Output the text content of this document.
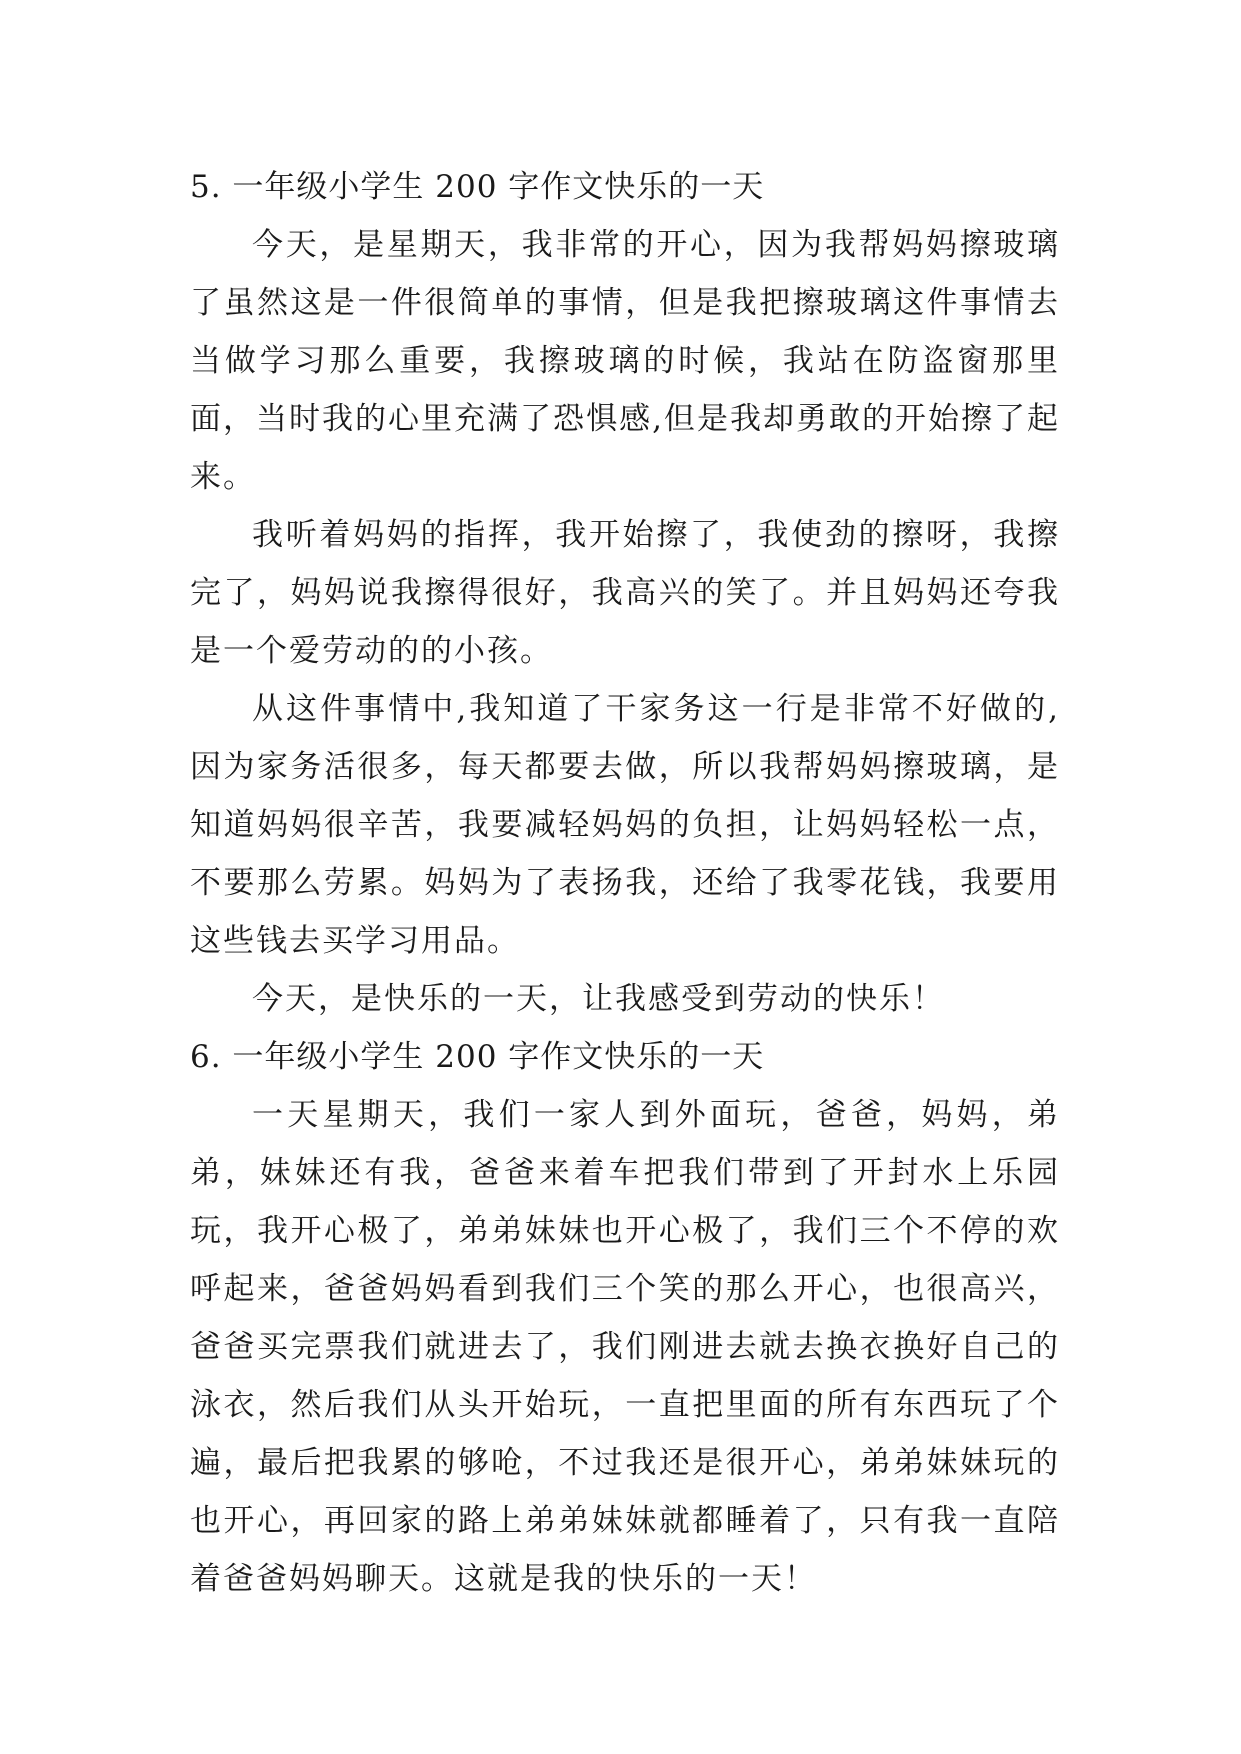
5. 一年级小学生 200 字作文快乐的一天

今天，是星期天，我非常的开心，因为我帮妈妈擦玻璃了虽然这是一件很简单的事情，但是我把擦玻璃这件事情去当做学习那么重要，我擦玻璃的时候，我站在防盗窗那里面，当时我的心里充满了恐惧感,但是我却勇敢的开始擦了起来。

我听着妈妈的指挥，我开始擦了，我使劲的擦呀，我擦完了，妈妈说我擦得很好，我高兴的笑了。并且妈妈还夸我是一个爱劳动的的小孩。

从这件事情中,我知道了干家务这一行是非常不好做的,因为家务活很多，每天都要去做，所以我帮妈妈擦玻璃，是知道妈妈很辛苦，我要减轻妈妈的负担，让妈妈轻松一点，不要那么劳累。妈妈为了表扬我，还给了我零花钱，我要用这些钱去买学习用品。

今天，是快乐的一天，让我感受到劳动的快乐！

6. 一年级小学生 200 字作文快乐的一天

一天星期天，我们一家人到外面玩，爸爸，妈妈，弟弟，妹妹还有我，爸爸来着车把我们带到了开封水上乐园玩，我开心极了，弟弟妹妹也开心极了，我们三个不停的欢呼起来，爸爸妈妈看到我们三个笑的那么开心，也很高兴，爸爸买完票我们就进去了，我们刚进去就去换衣换好自己的泳衣，然后我们从头开始玩，一直把里面的所有东西玩了个遍，最后把我累的够呛，不过我还是很开心，弟弟妹妹玩的也开心，再回家的路上弟弟妹妹就都睡着了，只有我一直陪着爸爸妈妈聊天。这就是我的快乐的一天！
